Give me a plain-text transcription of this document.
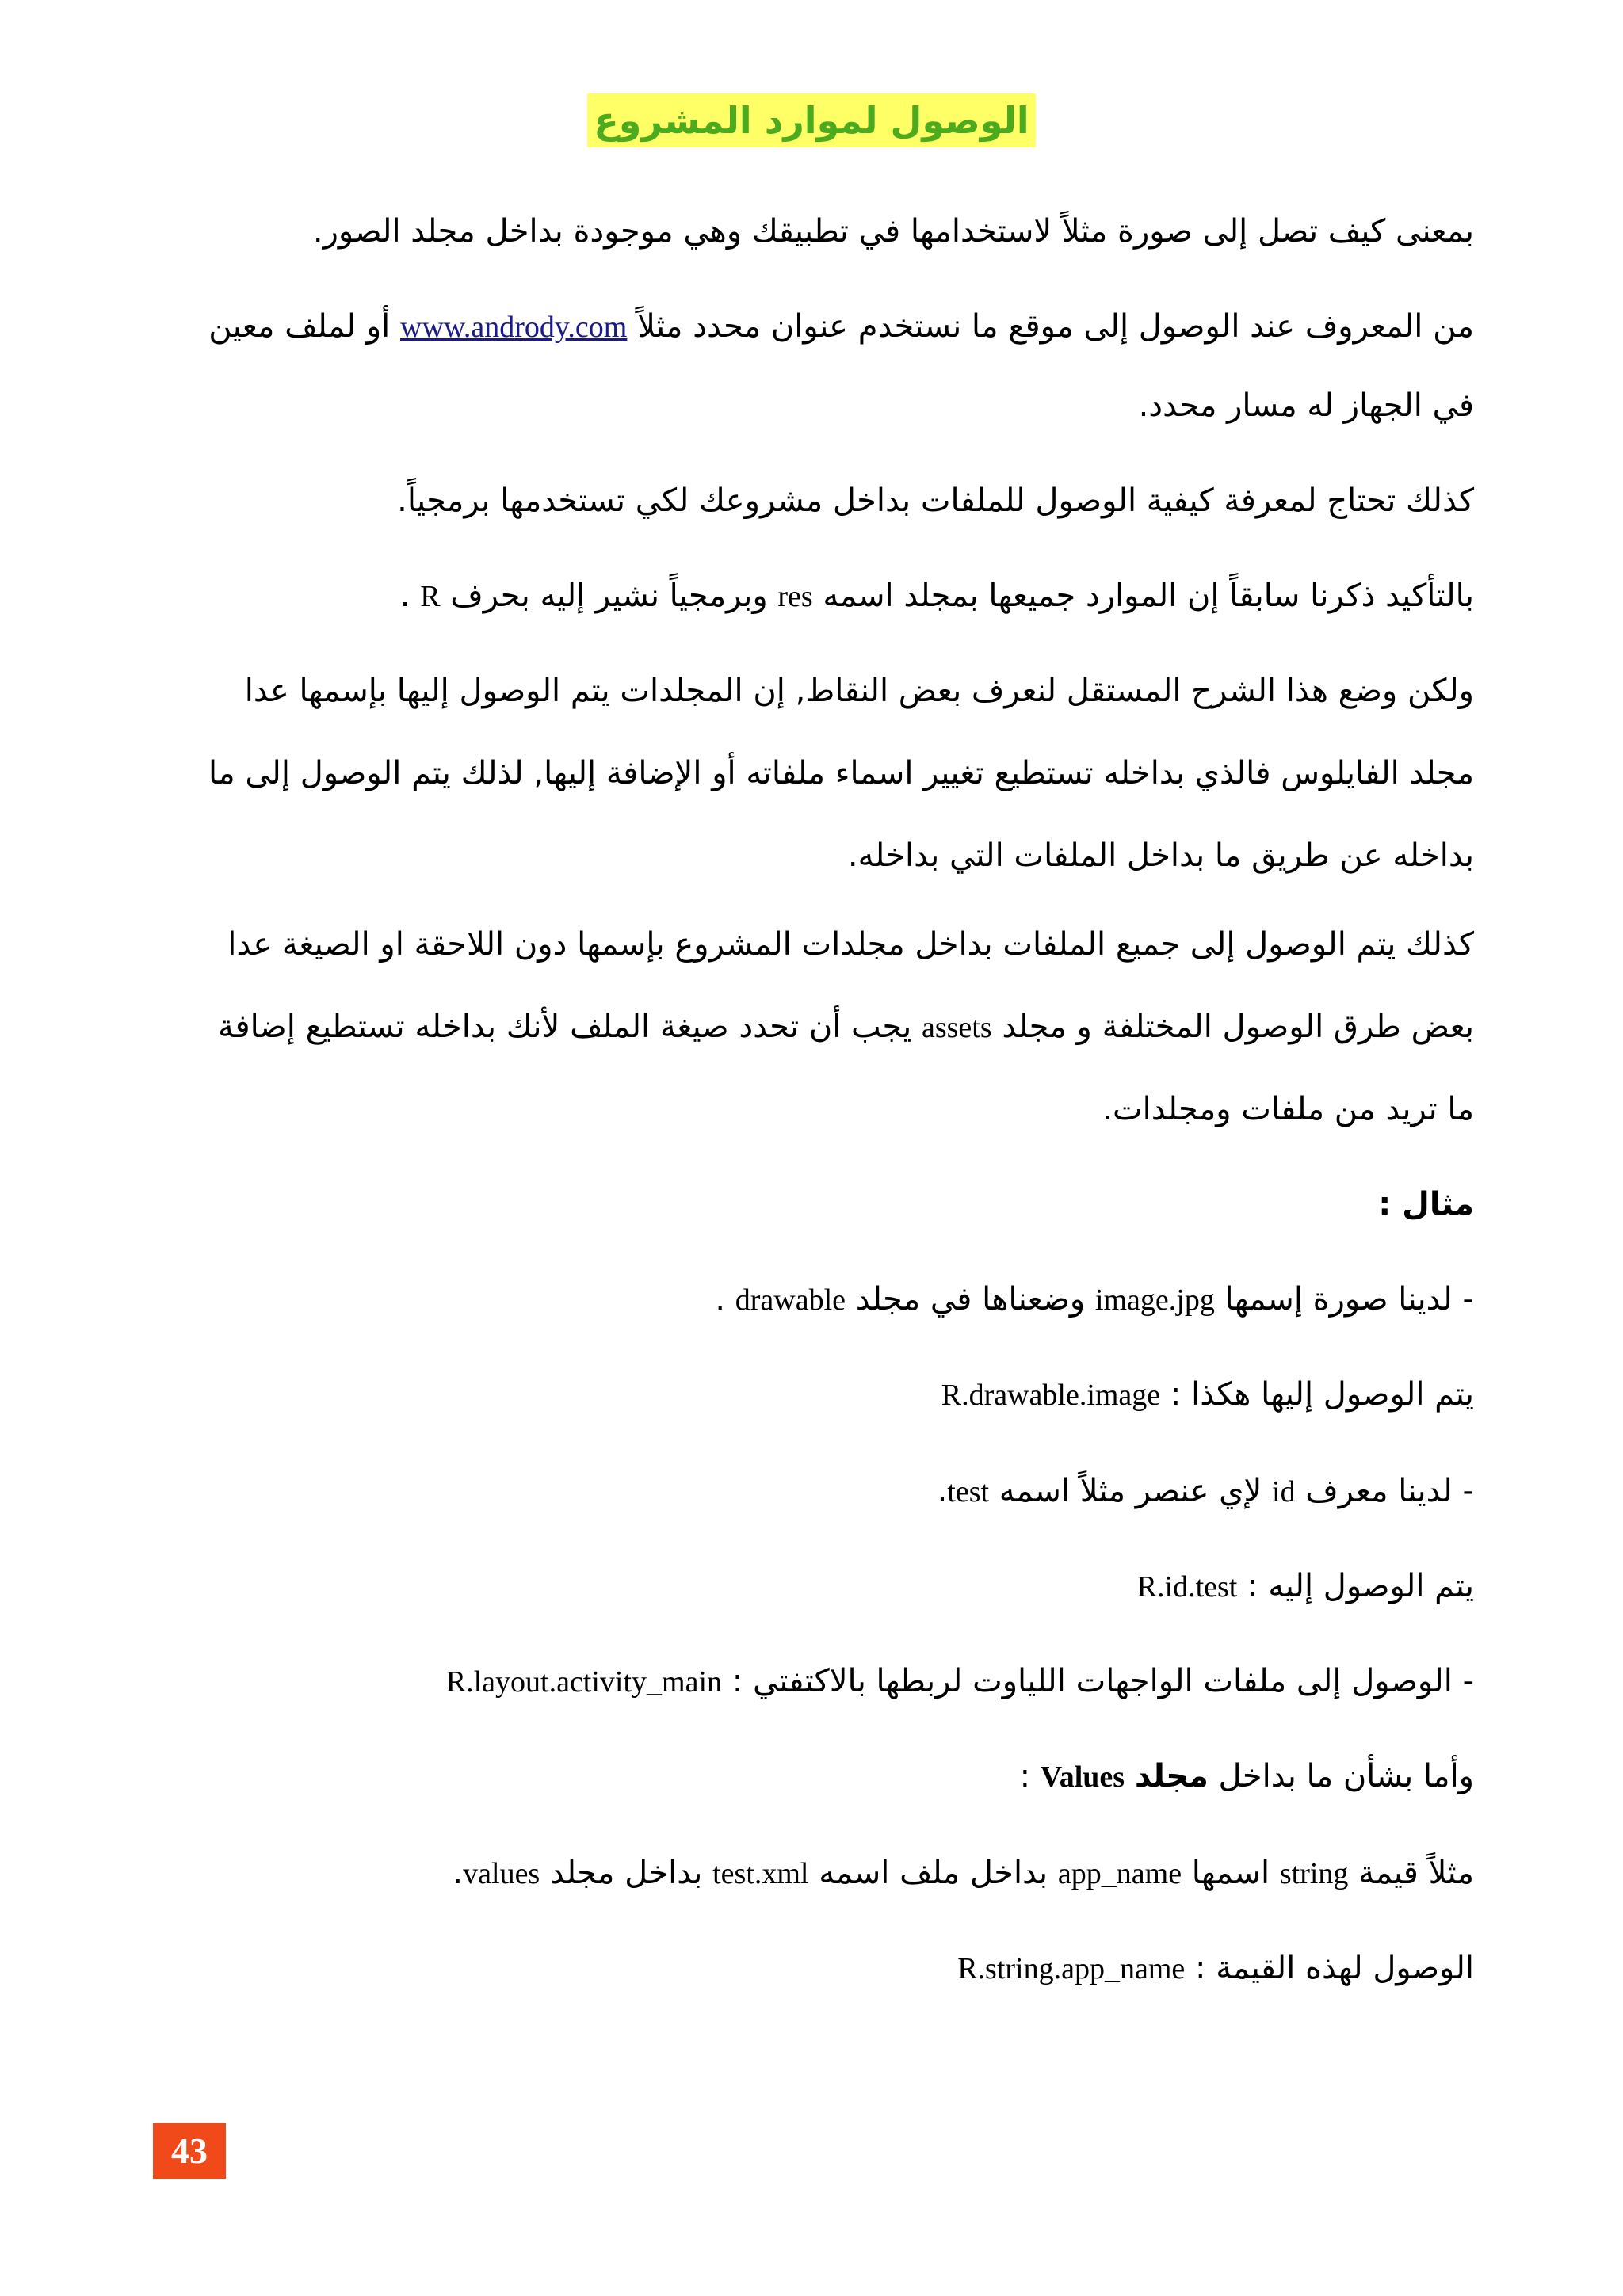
الوصول لموارد المشروع
بمعنى كيف تصل إلى صورة مثلاً لاستخدامها في تطبيقك وهي موجودة بداخل مجلد الصور.
من المعروف عند الوصول إلى موقع ما نستخدم عنوان محدد مثلاً www.andrody.com أو لملف معين
في الجهاز له مسار محدد.
كذلك تحتاج لمعرفة كيفية الوصول للملفات بداخل مشروعك لكي تستخدمها برمجياً.
بالتأكيد ذكرنا سابقاً إن الموارد جميعها بمجلد اسمه res وبرمجياً نشير إليه بحرف R .
ولكن وضع هذا الشرح المستقل لنعرف بعض النقاط, إن المجلدات يتم الوصول إليها بإسمها عدا
مجلد الفايلوس فالذي بداخله تستطيع تغيير اسماء ملفاته أو الإضافة إليها, لذلك يتم الوصول إلى ما
بداخله عن طريق ما بداخل الملفات التي بداخله.
كذلك يتم الوصول إلى جميع الملفات بداخل مجلدات المشروع بإسمها دون اللاحقة او الصيغة عدا
بعض طرق الوصول المختلفة و مجلد assets يجب أن تحدد صيغة الملف لأنك بداخله تستطيع إضافة
ما تريد من ملفات ومجلدات.
مثال :
- لدينا صورة إسمها image.jpg وضعناها في مجلد drawable .
يتم الوصول إليها هكذا : R.drawable.image
- لدينا معرف id لإي عنصر مثلاً اسمه test.
يتم الوصول إليه : R.id.test
- الوصول إلى ملفات الواجهات اللياوت لربطها بالاكتفتي : R.layout.activity_main
وأما بشأن ما بداخل مجلد Values :
مثلاً قيمة string اسمها app_name بداخل ملف اسمه test.xml بداخل مجلد values.
الوصول لهذه القيمة : R.string.app_name
43
